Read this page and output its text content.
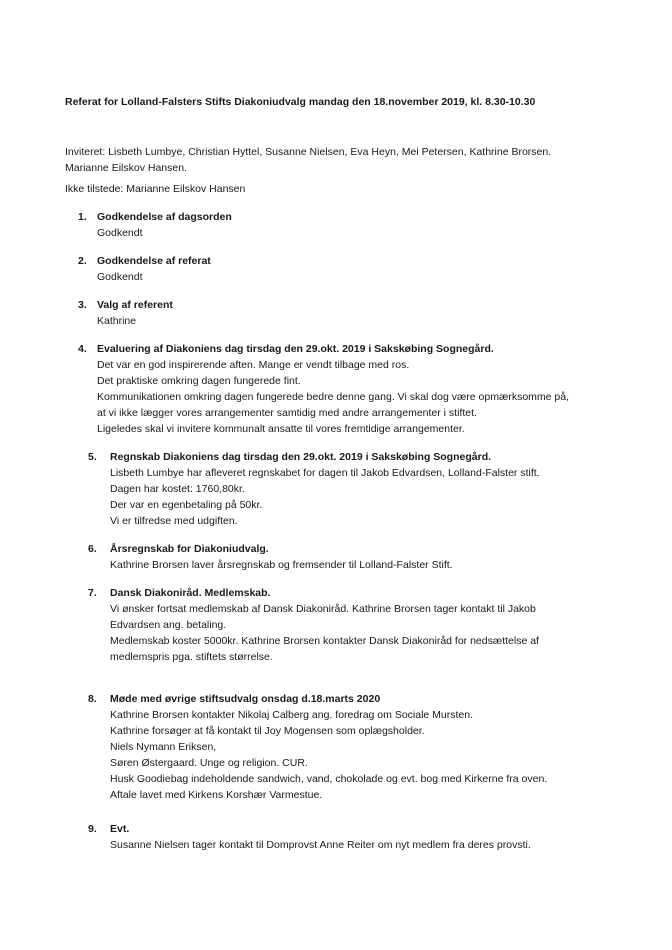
Referat for Lolland-Falsters Stifts Diakoniudvalg mandag den 18.november 2019, kl. 8.30-10.30

Inviteret: Lisbeth Lumbye, Christian Hyttel, Susanne Nielsen, Eva Heyn, Mei Petersen, Kathrine Brorsen.
Marianne Eilskov Hansen.

Ikke tilstede: Marianne Eilskov Hansen

1. Godkendelse af dagsorden
Godkendt
2. Godkendelse af referat
Godkendt
3. Valg af referent
Kathrine
4. Evaluering af Diakoniens dag tirsdag den 29.okt. 2019 i Sakskøbing Sognegård.
Det var en god inspirerende aften. Mange er vendt tilbage med ros.
Det praktiske omkring dagen fungerede fint.
Kommunikationen omkring dagen fungerede bedre denne gang. Vi skal dog være opmærksomme på,
at vi ikke lægger vores arrangementer samtidig med andre arrangementer i stiftet.
Ligeledes skal vi invitere kommunalt ansatte til vores fremtidige arrangementer.
5.	Regnskab Diakoniens dag tirsdag den 29.okt. 2019 i Sakskøbing Sognegård.
Lisbeth Lumbye har afleveret regnskabet for dagen til Jakob Edvardsen, Lolland-Falster stift.
Dagen har kostet: 1760,80kr.
Der var en egenbetaling på 50kr.
Vi er tilfredse med udgiften.
6.	Årsregnskab for Diakoniudvalg.
Kathrine Brorsen laver årsregnskab og fremsender til Lolland-Falster Stift.
7.	Dansk Diakoniråd. Medlemskab.
Vi ønsker fortsat medlemskab af Dansk Diakoniråd. Kathrine Brorsen tager kontakt til Jakob
Edvardsen ang. betaling.
Medlemskab koster 5000kr. Kathrine Brorsen kontakter Dansk Diakoniråd for nedsættelse af
medlemspris pga. stiftets størrelse.
8.	Møde med øvrige stiftsudvalg onsdag d.18.marts 2020
Kathrine Brorsen kontakter Nikolaj Calberg ang. foredrag om Sociale Mursten.
Kathrine forsøger at få kontakt til Joy Mogensen som oplægsholder.
Niels Nymann Eriksen,
Søren Østergaard. Unge og religion. CUR.
Husk Goodiebag indeholdende sandwich, vand, chokolade og evt. bog med Kirkerne fra oven.
Aftale lavet med Kirkens Korshær Varmestue.
9.	Evt.
Susanne Nielsen tager kontakt til Domprovst Anne Reiter om nyt medlem fra deres provsti.
